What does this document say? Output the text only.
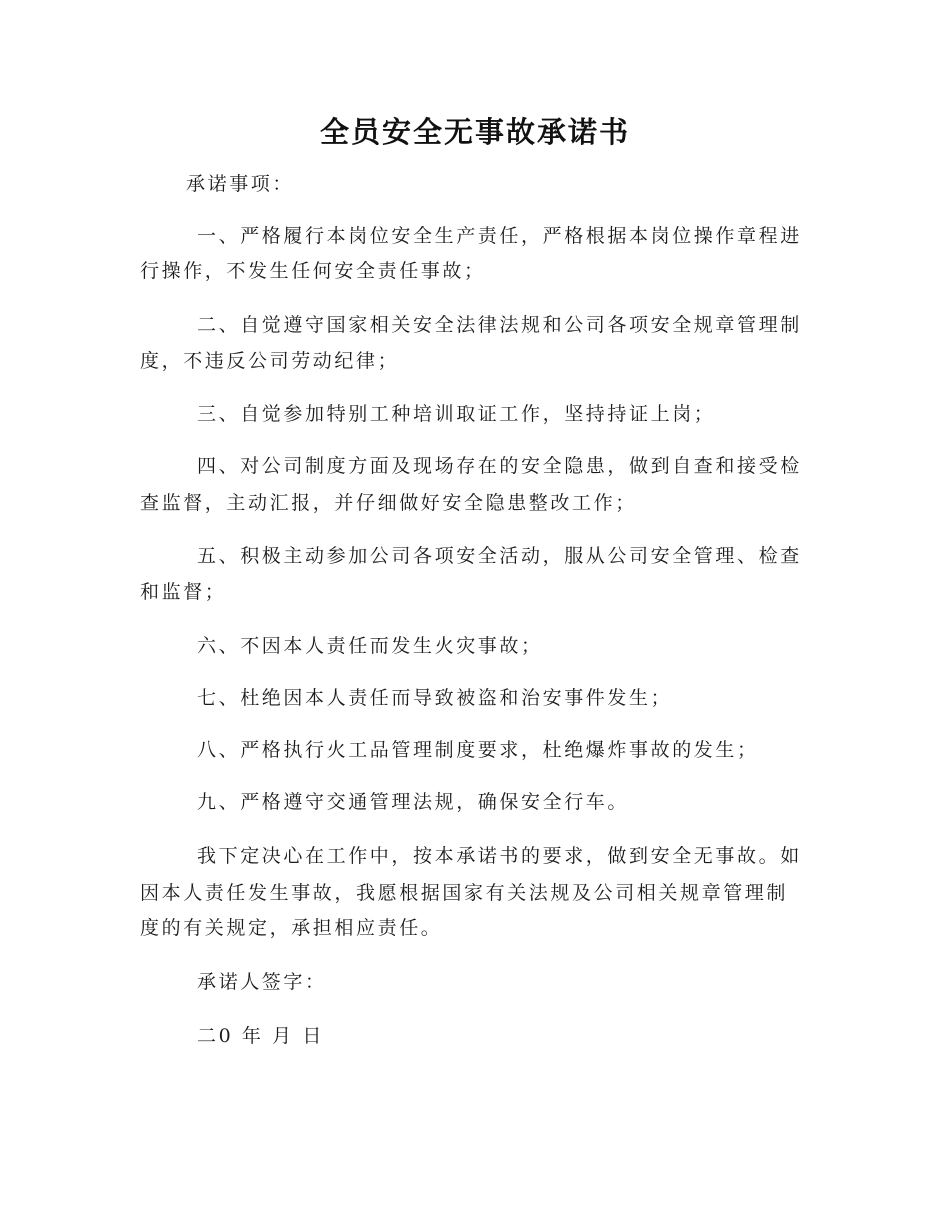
全员安全无事故承诺书
承诺事项：
一、严格履行本岗位安全生产责任，严格根据本岗位操作章程进
行操作，不发生任何安全责任事故；
二、自觉遵守国家相关安全法律法规和公司各项安全规章管理制
度，不违反公司劳动纪律；
三、自觉参加特别工种培训取证工作，坚持持证上岗；
四、对公司制度方面及现场存在的安全隐患，做到自查和接受检
查监督，主动汇报，并仔细做好安全隐患整改工作；
五、积极主动参加公司各项安全活动，服从公司安全管理、检查
和监督；
六、不因本人责任而发生火灾事故；
七、杜绝因本人责任而导致被盗和治安事件发生；
八、严格执行火工品管理制度要求，杜绝爆炸事故的发生；
九、严格遵守交通管理法规，确保安全行车。
我下定决心在工作中，按本承诺书的要求，做到安全无事故。如
因本人责任发生事故，我愿根据国家有关法规及公司相关规章管理制
度的有关规定，承担相应责任。
承诺人签字：
二0 年 月 日
